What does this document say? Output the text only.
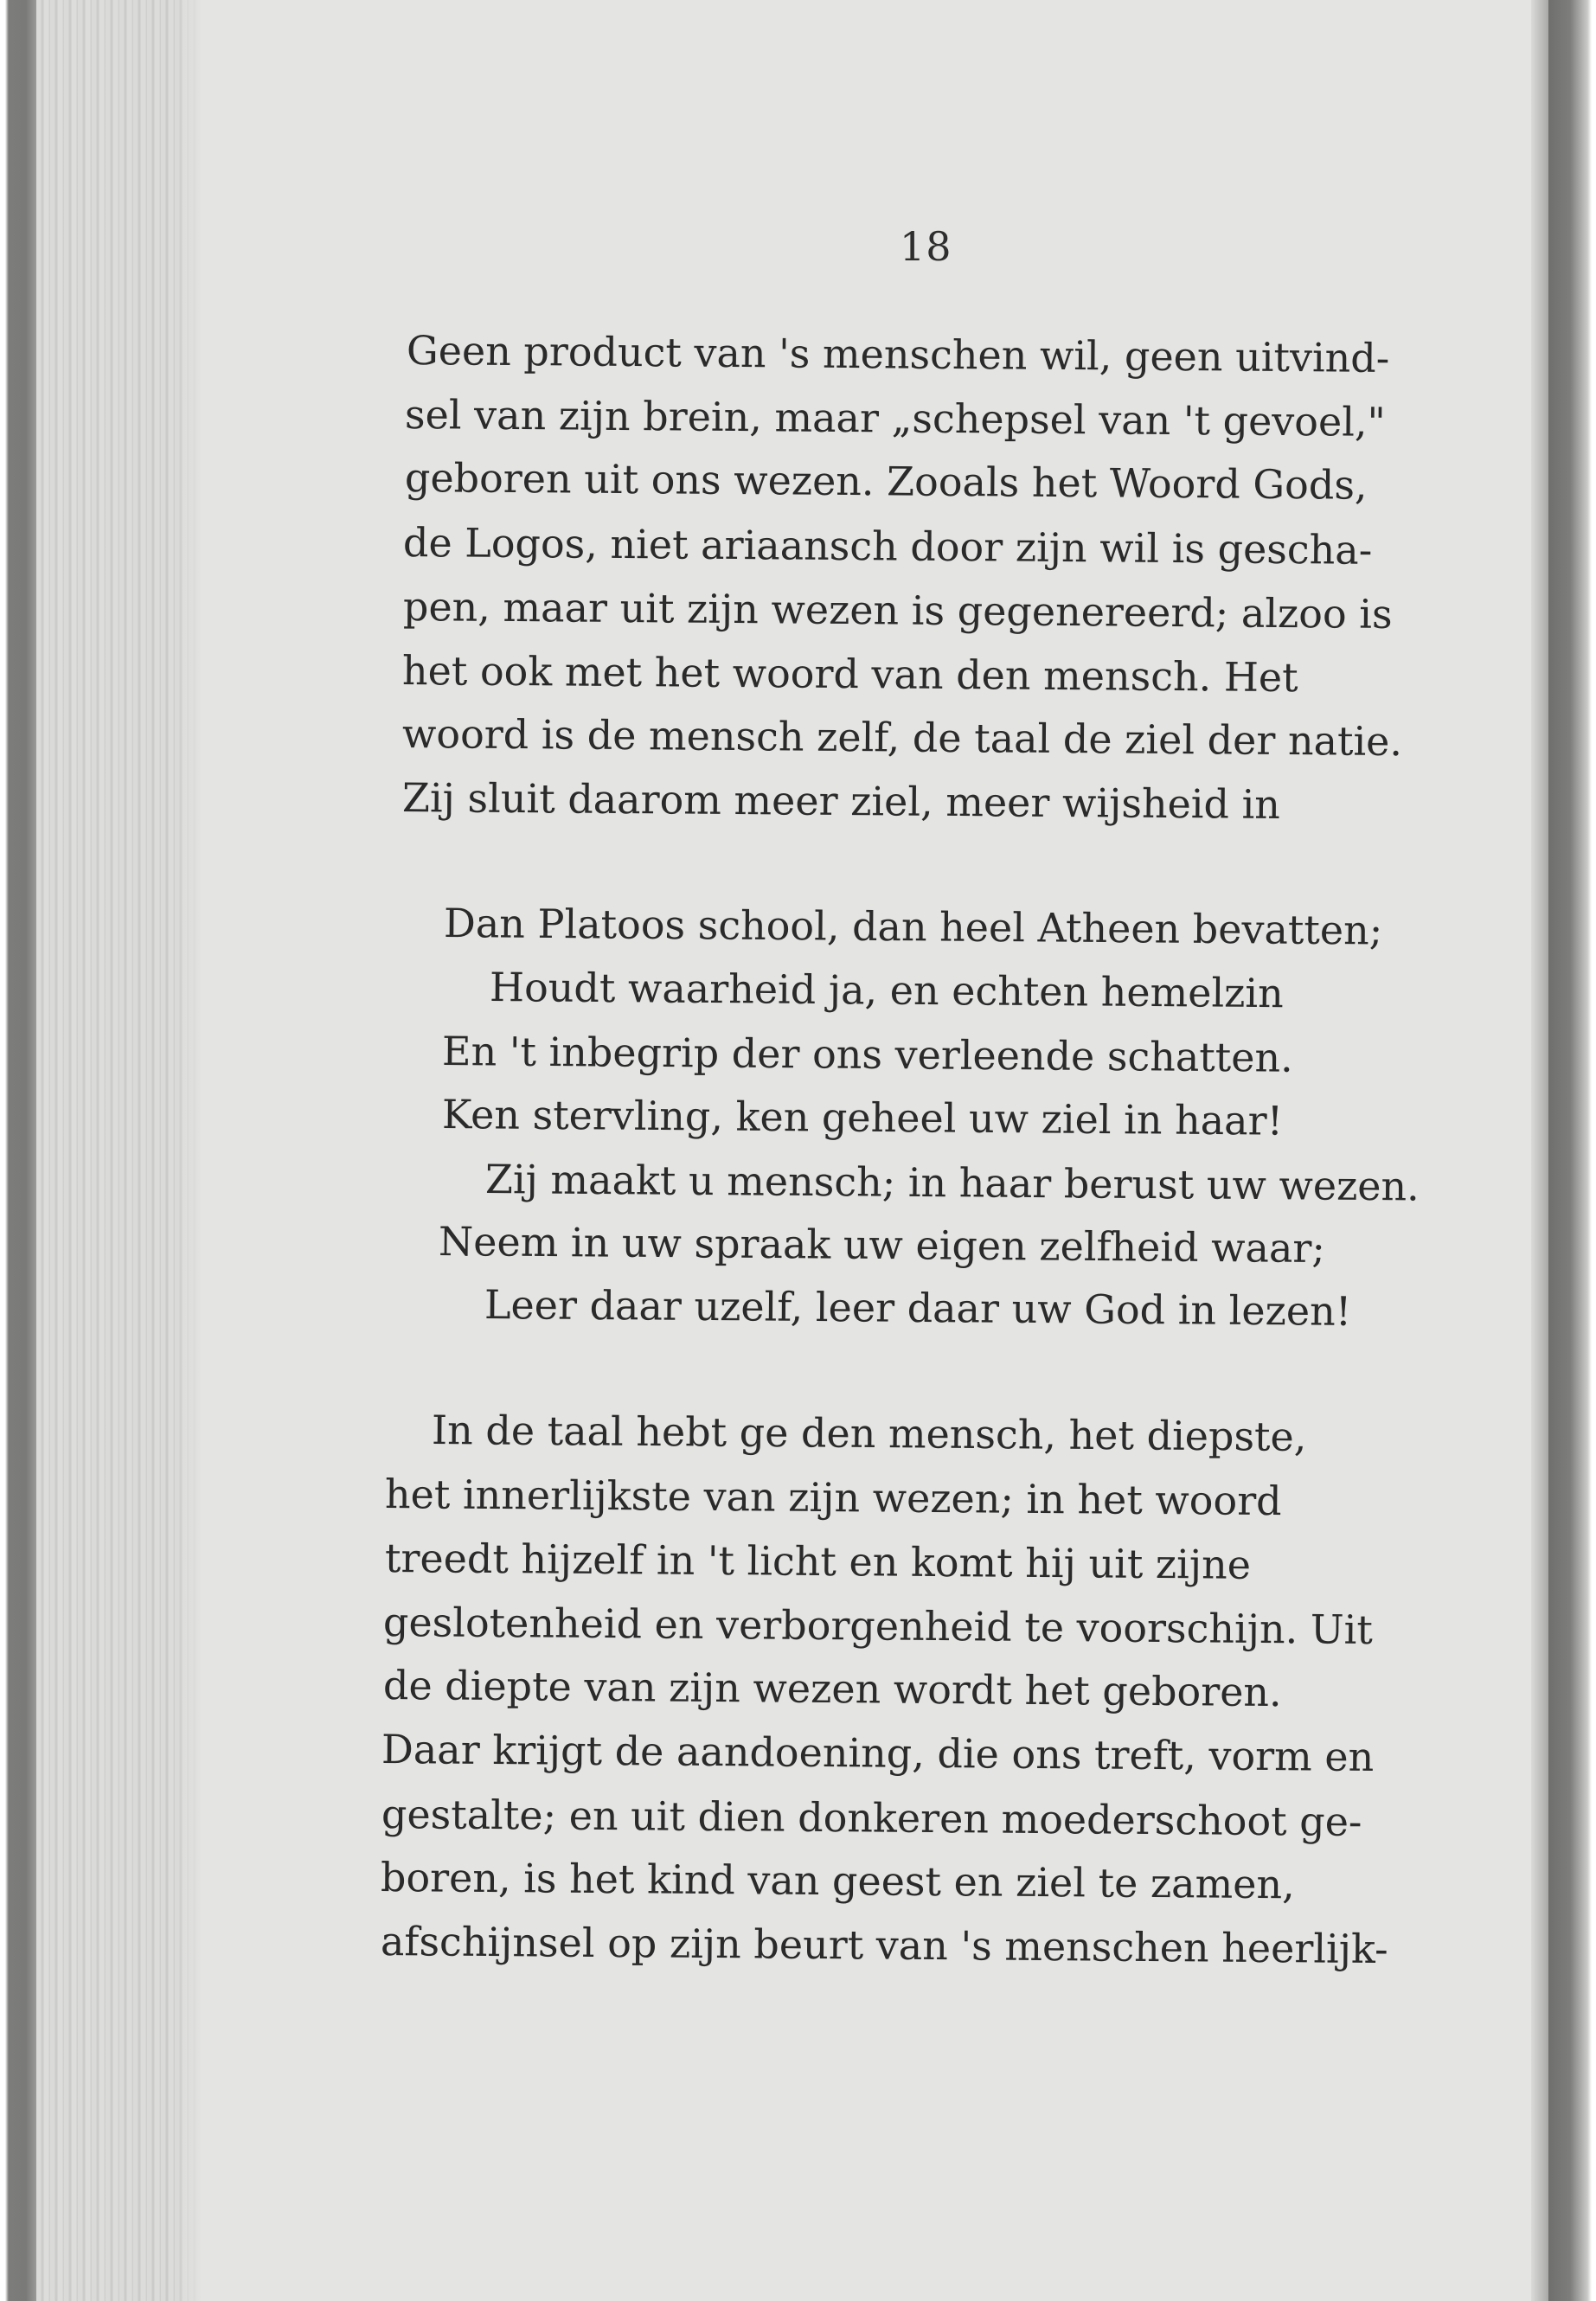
18
Geen product van 's menschen wil, geen uitvind-
sel van zijn brein, maar „schepsel van 't gevoel,"
geboren uit ons wezen. Zooals het Woord Gods,
de Logos, niet ariaansch door zijn wil is geschа-
pen, maar uit zijn wezen is gegenereerd; alzoo is
het ook met het woord van den mensch. Het
woord is de mensch zelf, de taal de ziel der natie.
Zij sluit daarom meer ziel, meer wijsheid in
Dan Platoos school, dan heel Atheen bevatten;
Houdt waarheid ja, en echten hemelzin
En 't inbegrip der ons verleende schatten.
Ken stervling, ken geheel uw ziel in haar!
Zij maakt u mensch; in haar berust uw wezen.
Neem in uw spraak uw eigen zelfheid waar;
Leer daar uzelf, leer daar uw God in lezen!
In de taal hebt ge den mensch, het diepste,
het innerlijkste van zijn wezen; in het woord
treedt hijzelf in 't licht en komt hij uit zijne
geslotenheid en verborgenheid te voorschijn. Uit
de diepte van zijn wezen wordt het geboren.
Daar krijgt de aandoening, die ons treft, vorm en
gestalte; en uit dien donkeren moederschoot ge-
boren, is het kind van geest en ziel te zamen,
afschijnsel op zijn beurt van 's menschen heerlijk-
